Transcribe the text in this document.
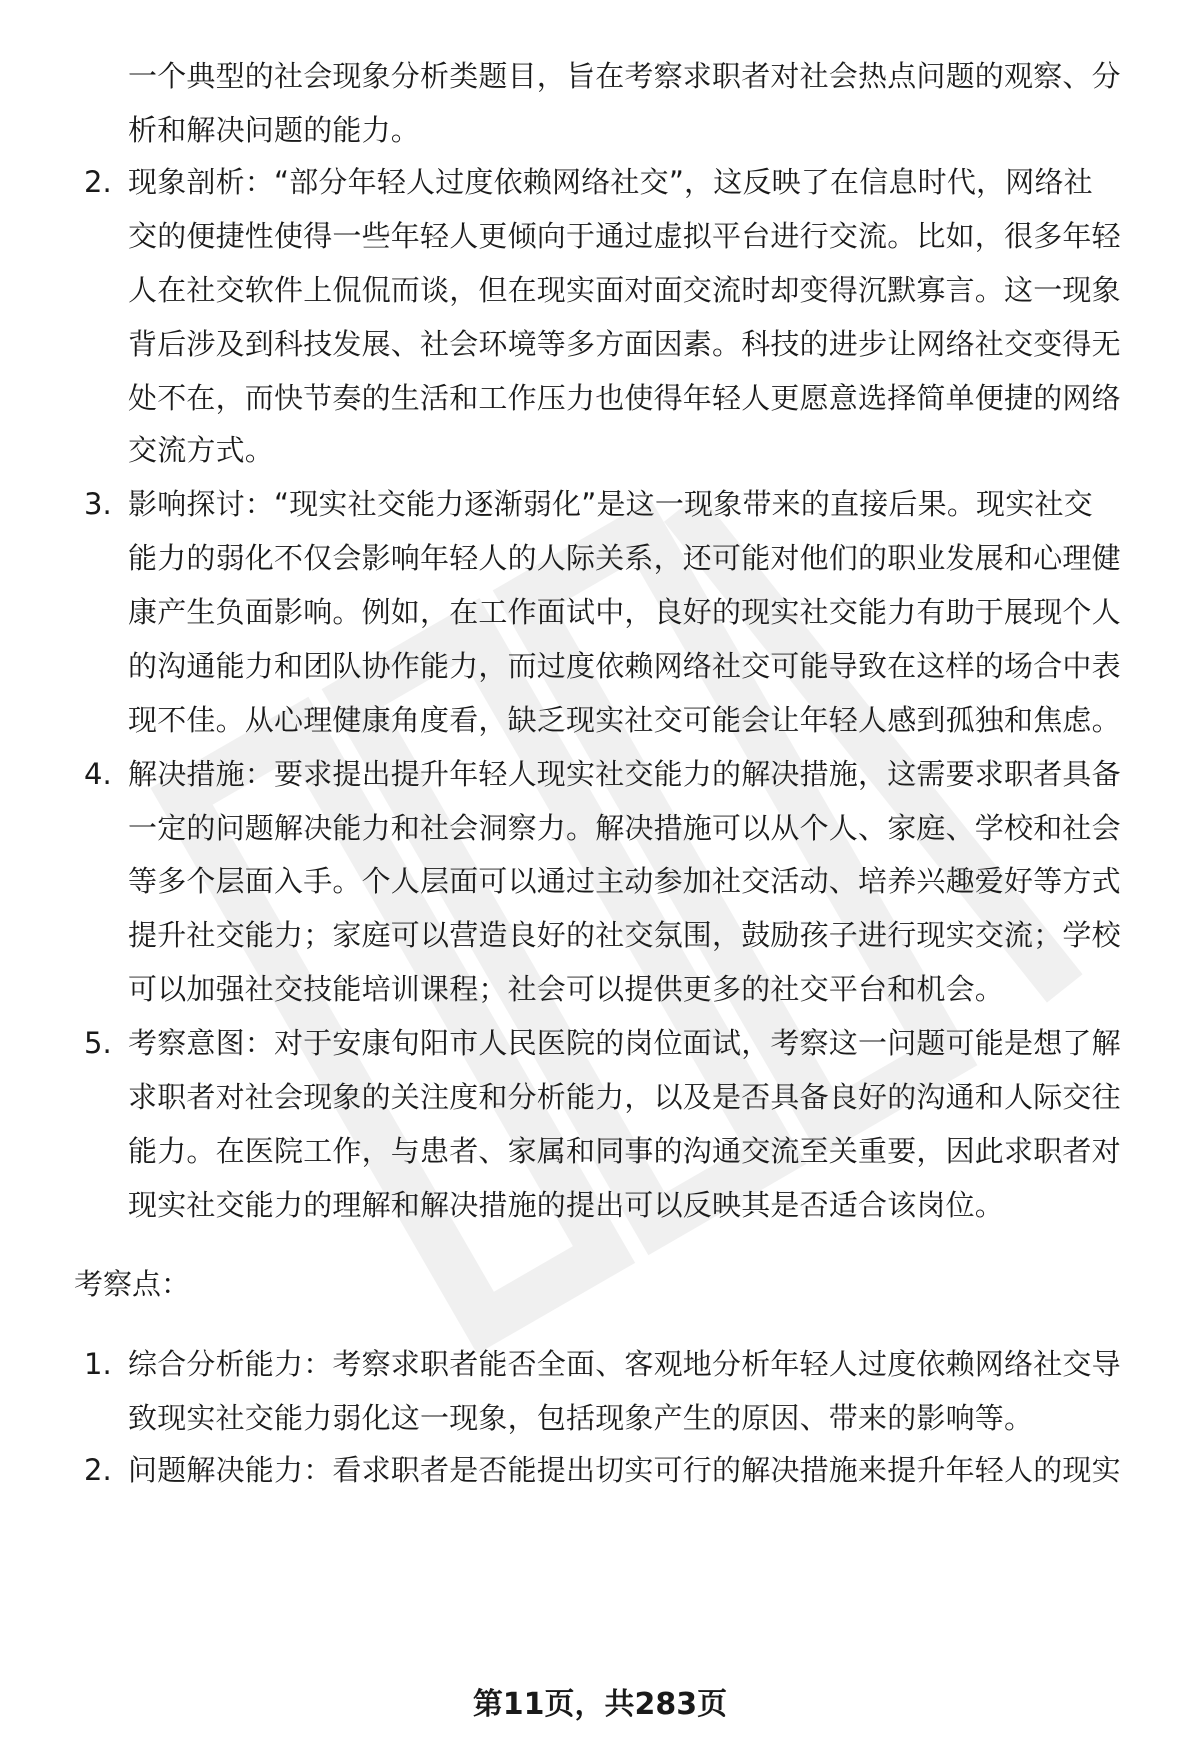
一个典型的社会现象分析类题目，旨在考察求职者对社会热点问题的观察、分
析和解决问题的能力。
2. 现象剖析：“部分年轻人过度依赖网络社交”，这反映了在信息时代，网络社
交的便捷性使得一些年轻人更倾向于通过虚拟平台进行交流。比如，很多年轻
人在社交软件上侃侃而谈，但在现实面对面交流时却变得沉默寡言。这一现象
背后涉及到科技发展、社会环境等多方面因素。科技的进步让网络社交变得无
处不在，而快节奏的生活和工作压力也使得年轻人更愿意选择简单便捷的网络
交流方式。
3. 影响探讨：“现实社交能力逐渐弱化”是这一现象带来的直接后果。现实社交
能力的弱化不仅会影响年轻人的人际关系，还可能对他们的职业发展和心理健
康产生负面影响。例如，在工作面试中，良好的现实社交能力有助于展现个人
的沟通能力和团队协作能力，而过度依赖网络社交可能导致在这样的场合中表
现不佳。从心理健康角度看，缺乏现实社交可能会让年轻人感到孤独和焦虑。
4. 解决措施：要求提出提升年轻人现实社交能力的解决措施，这需要求职者具备
一定的问题解决能力和社会洞察力。解决措施可以从个人、家庭、学校和社会
等多个层面入手。个人层面可以通过主动参加社交活动、培养兴趣爱好等方式
提升社交能力；家庭可以营造良好的社交氛围，鼓励孩子进行现实交流；学校
可以加强社交技能培训课程；社会可以提供更多的社交平台和机会。
5. 考察意图：对于安康旬阳市人民医院的岗位面试，考察这一问题可能是想了解
求职者对社会现象的关注度和分析能力，以及是否具备良好的沟通和人际交往
能力。在医院工作，与患者、家属和同事的沟通交流至关重要，因此求职者对
现实社交能力的理解和解决措施的提出可以反映其是否适合该岗位。
考察点：
1. 综合分析能力：考察求职者能否全面、客观地分析年轻人过度依赖网络社交导
致现实社交能力弱化这一现象，包括现象产生的原因、带来的影响等。
2. 问题解决能力：看求职者是否能提出切实可行的解决措施来提升年轻人的现实
第11页，共283页
